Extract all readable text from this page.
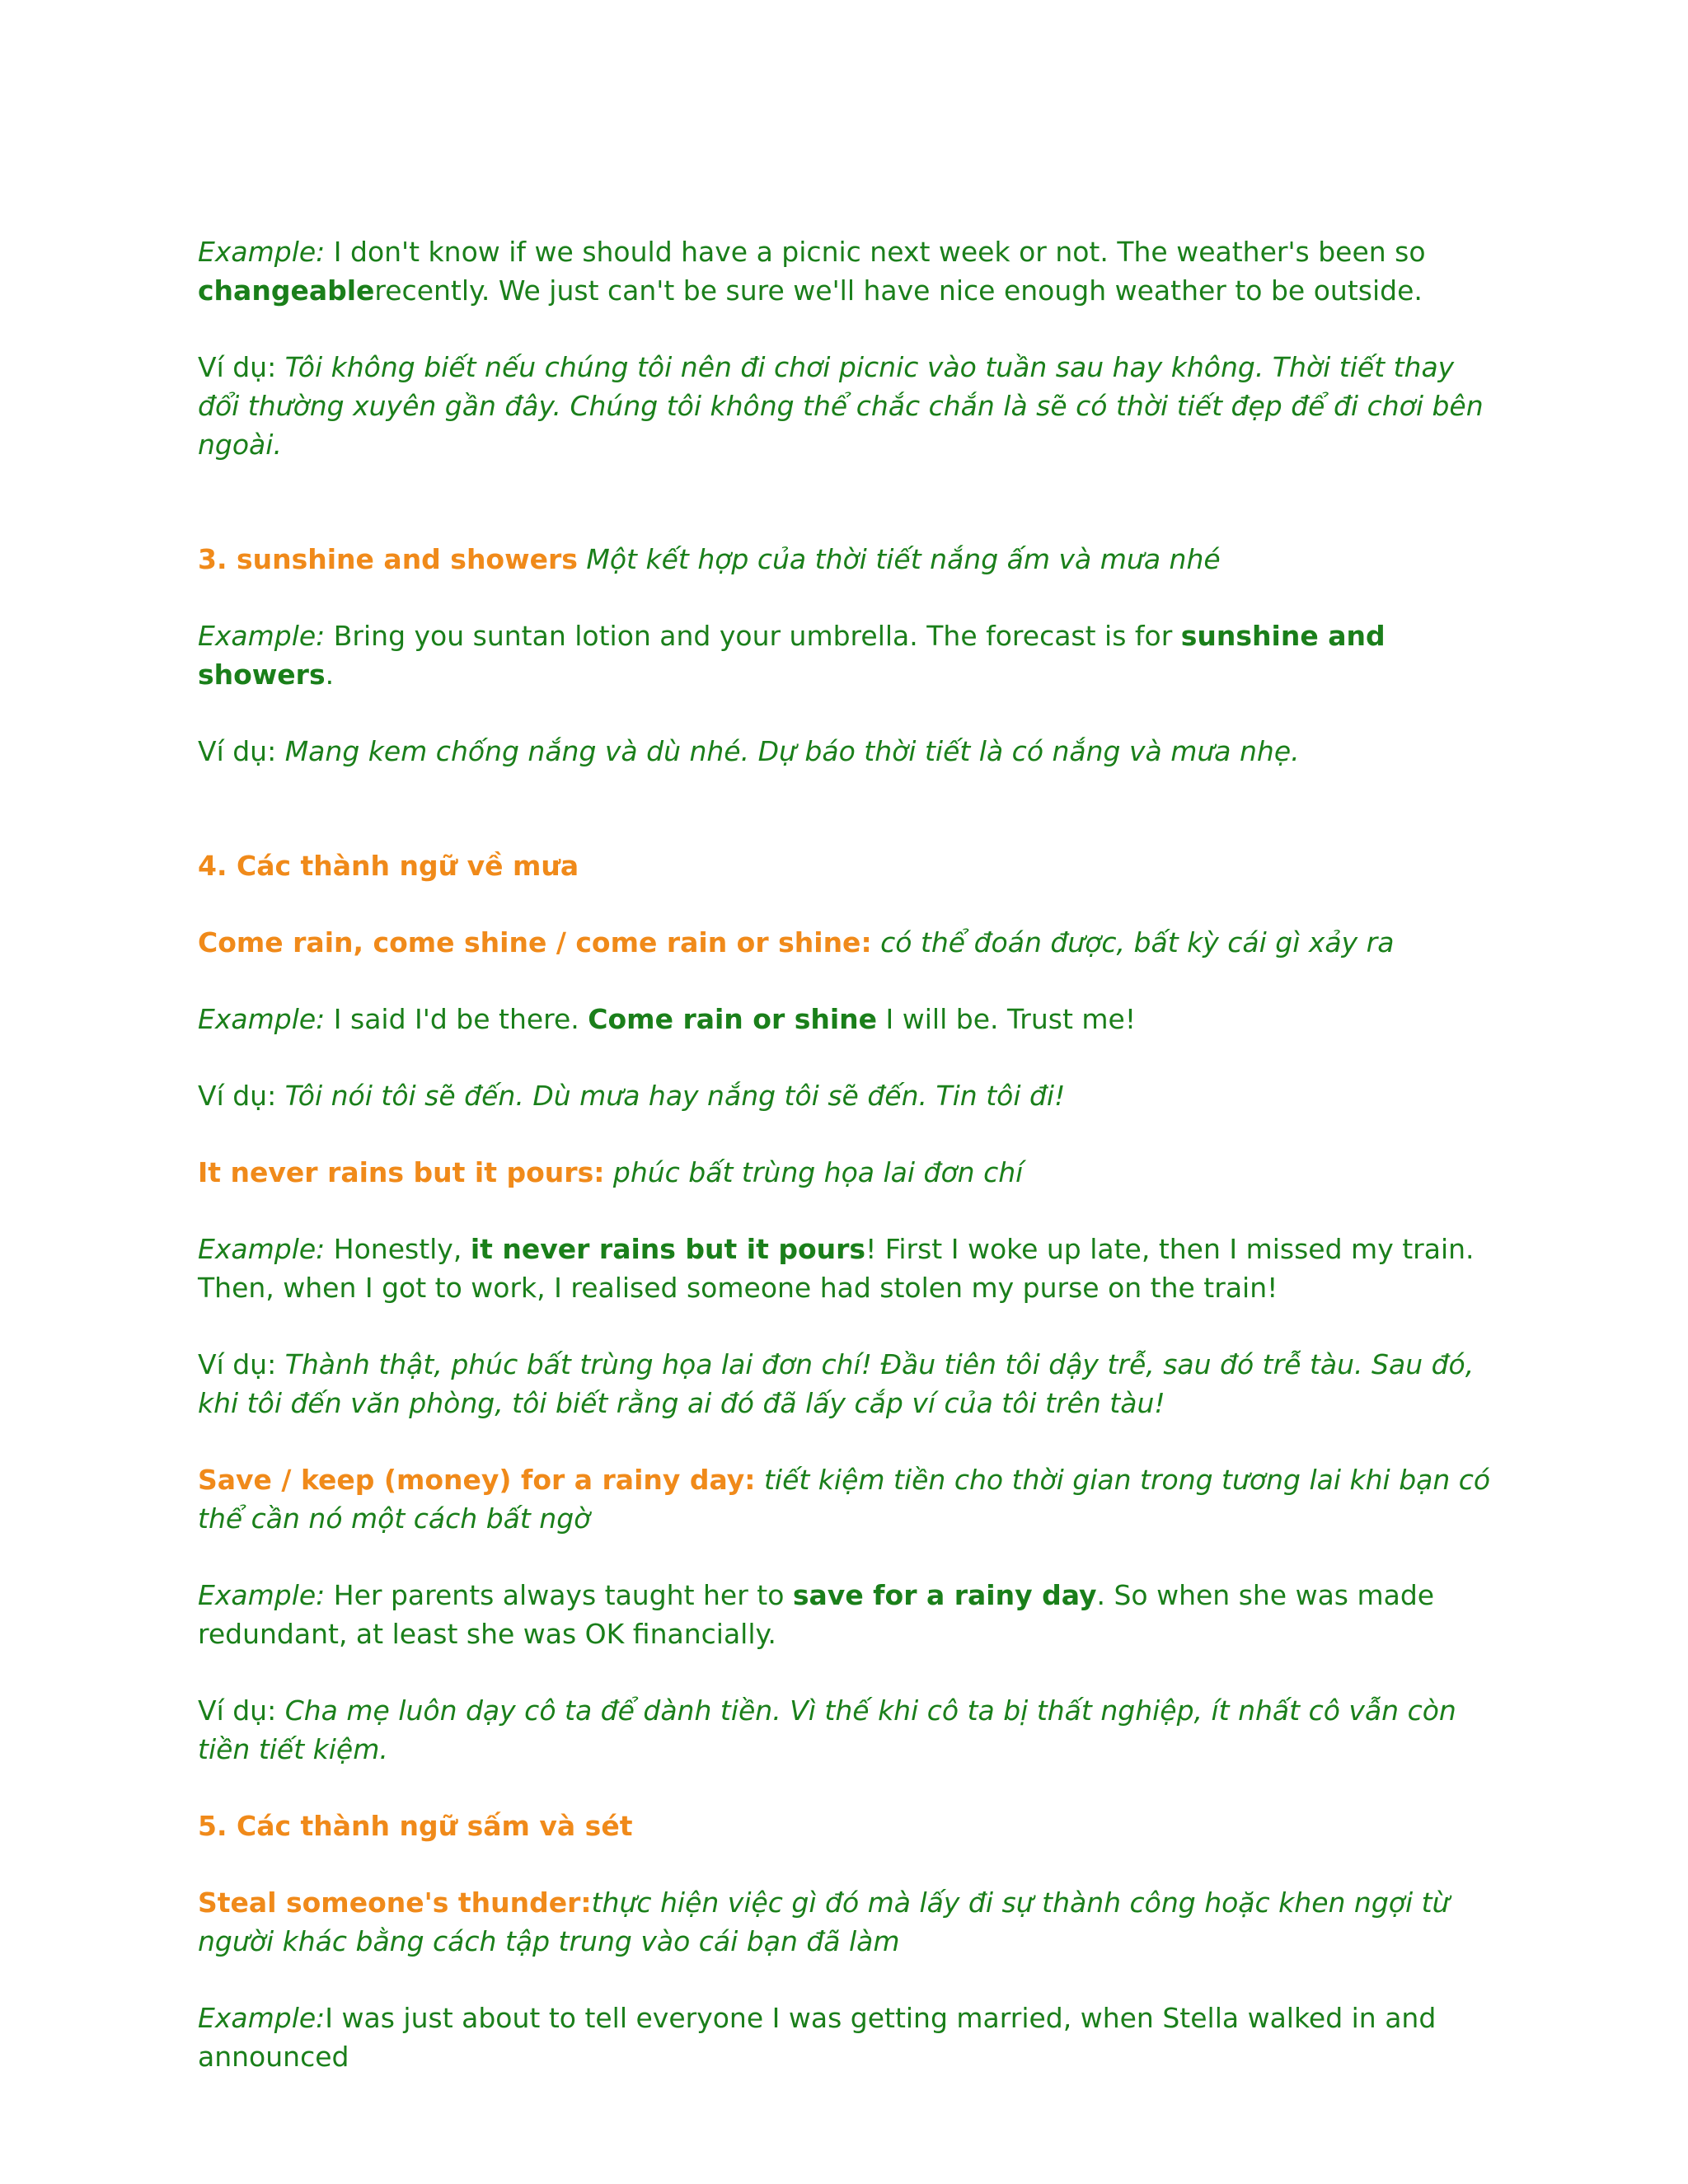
Example: I don't know if we should have a picnic next week or not. The weather's been so changeablerecently. We just can't be sure we'll have nice enough weather to be outside.

Ví dụ: Tôi không biết nếu chúng tôi nên đi chơi picnic vào tuần sau hay không. Thời tiết thay đổi thường xuyên gần đây. Chúng tôi không thể chắc chắn là sẽ có thời tiết đẹp để đi chơi bên ngoài.

3. sunshine and showers Một kết hợp của thời tiết nắng ấm và mưa nhé

Example: Bring you suntan lotion and your umbrella. The forecast is for sunshine and showers.

Ví dụ: Mang kem chống nắng và dù nhé. Dự báo thời tiết là có nắng và mưa nhẹ.

4. Các thành ngữ về mưa

Come rain, come shine / come rain or shine: có thể đoán được, bất kỳ cái gì xảy ra

Example: I said I'd be there. Come rain or shine I will be. Trust me!

Ví dụ: Tôi nói tôi sẽ đến. Dù mưa hay nắng tôi sẽ đến. Tin tôi đi!

It never rains but it pours: phúc bất trùng họa lai đơn chí

Example: Honestly, it never rains but it pours! First I woke up late, then I missed my train. Then, when I got to work, I realised someone had stolen my purse on the train!

Ví dụ: Thành thật, phúc bất trùng họa lai đơn chí! Đầu tiên tôi dậy trễ, sau đó trễ tàu. Sau đó, khi tôi đến văn phòng, tôi biết rằng ai đó đã lấy cắp ví của tôi trên tàu!

Save / keep (money) for a rainy day: tiết kiệm tiền cho thời gian trong tương lai khi bạn có thể cần nó một cách bất ngờ

Example: Her parents always taught her to save for a rainy day. So when she was made redundant, at least she was OK financially.

Ví dụ: Cha mẹ luôn dạy cô ta để dành tiền. Vì thế khi cô ta bị thất nghiệp, ít nhất cô vẫn còn tiền tiết kiệm.

5. Các thành ngữ sấm và sét

Steal someone's thunder:thực hiện việc gì đó mà lấy đi sự thành công hoặc khen ngợi từ người khác bằng cách tập trung vào cái bạn đã làm

Example:I was just about to tell everyone I was getting married, when Stella walked in and announced
